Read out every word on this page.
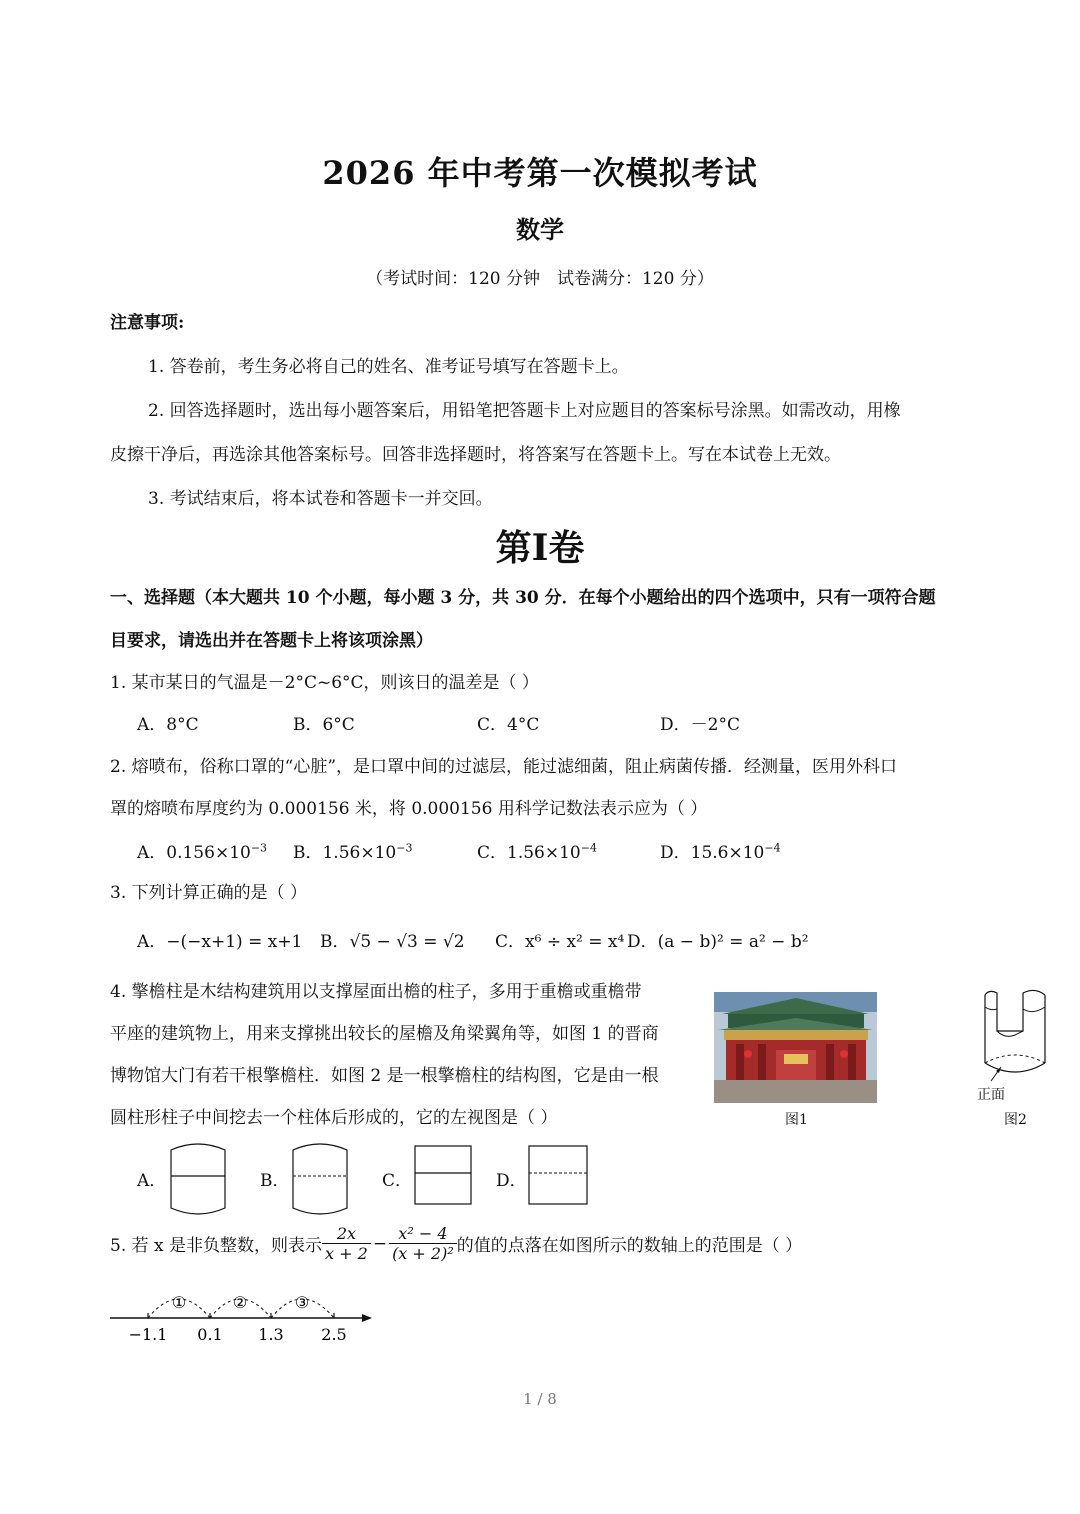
2026 年中考第一次模拟考试
数学
（考试时间：120 分钟　试卷满分：120 分）
注意事项:
1. 答卷前，考生务必将自己的姓名、准考证号填写在答题卡上。
2. 回答选择题时，选出每小题答案后，用铅笔把答题卡上对应题目的答案标号涂黑。如需改动，用橡
皮擦干净后，再选涂其他答案标号。回答非选择题时，将答案写在答题卡上。写在本试卷上无效。
3. 考试结束后，将本试卷和答题卡一并交回。
第Ⅰ卷
一、选择题（本大题共 10 个小题，每小题 3 分，共 30 分．在每个小题给出的四个选项中，只有一项符合题
目要求，请选出并在答题卡上将该项涂黑）
1. 某市某日的气温是－2°C~6°C，则该日的温差是（ ）
A．8°C	B．6°C	C．4°C	D．－2°C
2. 熔喷布，俗称口罩的“心脏”，是口罩中间的过滤层，能过滤细菌，阻止病菌传播．经测量，医用外科口
罩的熔喷布厚度约为 0.000156 米，将 0.000156 用科学记数法表示应为（ ）
A．$0.156\times 10^{-3}$ B．$1.56\times 10^{-3}$	C．$1.56\times 10^{-4}$	D．$15.6\times 10^{-4}$
3. 下列计算正确的是（ ）
A．−(−x+1) = x+1 B．√5 − √3 = √2 C．x⁶ ÷ x² = x⁴ D．(a − b)² = a² − b²
4. 擎檐柱是木结构建筑用以支撑屋面出檐的柱子，多用于重檐或重檐带
平座的建筑物上，用来支撑挑出较长的屋檐及角梁翼角等，如图 1 的晋商
博物馆大门有若干根擎檐柱．如图 2 是一根擎檐柱的结构图，它是由一根
圆柱形柱子中间挖去一个柱体后形成的，它的左视图是（ ）	图1
正面
图2
A．	B．	C．	D．
5. 若 x 是非负整数，则表示 $\frac{2x}{x + 2} - \frac{\text{x² − 4}}{\text{(x + 2)²}}$ 的值的点落在如图所示的数轴上的范围是（ ）
①	②	③
−1.1 0.1 1.3 2.5
1 / 8
